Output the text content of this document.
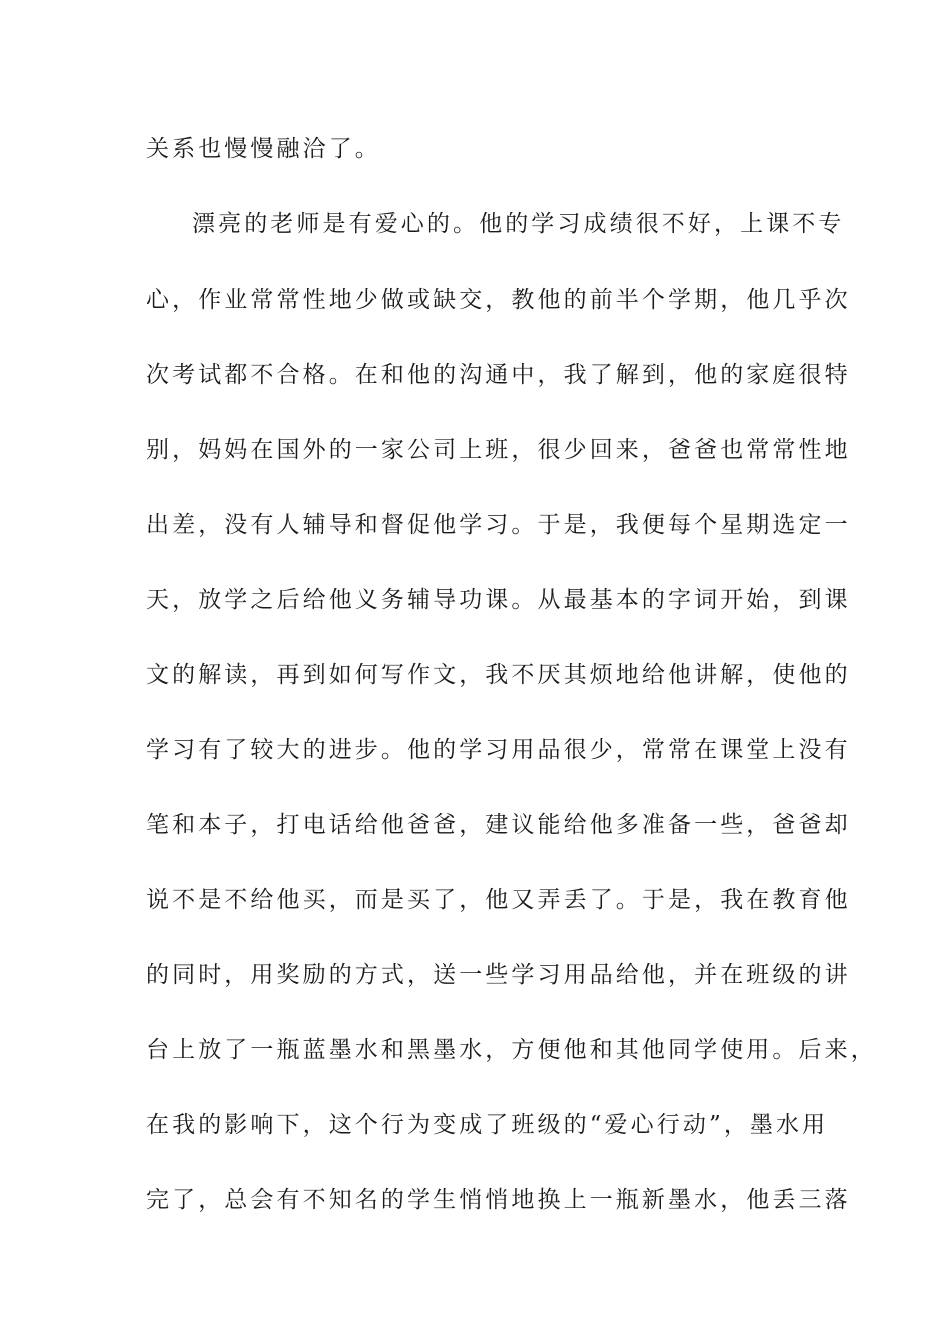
关系也慢慢融洽了。
漂亮的老师是有爱心的。他的学习成绩很不好，上课不专
心，作业常常性地少做或缺交，教他的前半个学期，他几乎次
次考试都不合格。在和他的沟通中，我了解到，他的家庭很特
别，妈妈在国外的一家公司上班，很少回来，爸爸也常常性地
出差，没有人辅导和督促他学习。于是，我便每个星期选定一
天，放学之后给他义务辅导功课。从最基本的字词开始，到课
文的解读，再到如何写作文，我不厌其烦地给他讲解，使他的
学习有了较大的进步。他的学习用品很少，常常在课堂上没有
笔和本子，打电话给他爸爸，建议能给他多准备一些，爸爸却
说不是不给他买，而是买了，他又弄丢了。于是，我在教育他
的同时，用奖励的方式，送一些学习用品给他，并在班级的讲
台上放了一瓶蓝墨水和黑墨水，方便他和其他同学使用。后来，
在我的影响下，这个行为变成了班级的“爱心行动”，墨水用
完了，总会有不知名的学生悄悄地换上一瓶新墨水，他丢三落
